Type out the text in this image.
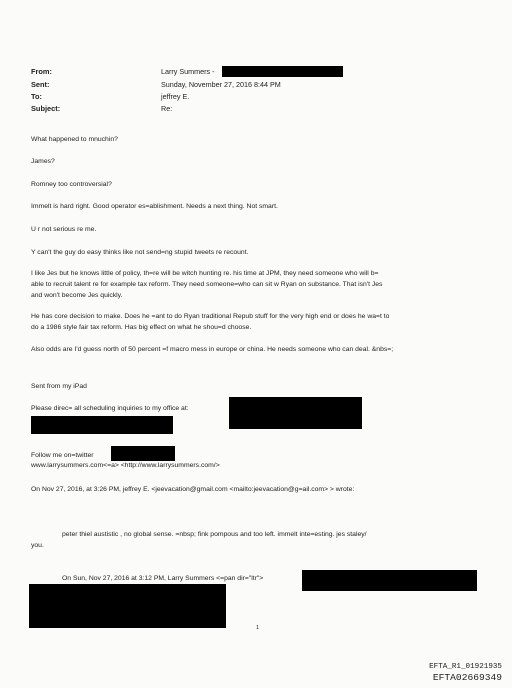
From:	Larry Summers -
Sent:	Sunday, November 27, 2016 8:44 PM
To:	jeffrey E.
Subject:	Re:
What happened to mnuchin?
James?
Romney too controversial?
Immelt is hard right. Good operator es=ablishment. Needs a next thing. Not smart.
U r not serious re me.
Y can't the guy do easy thinks like not send=ng stupid tweets re recount.
I like Jes but he knows little of policy, th=re will be witch hunting re. his time at JPM, they need someone who will b=
able to recruit talent re for example tax reform. They need someone=who can sit w Ryan on substance. That isn't Jes
and won't become Jes quickly.
He has core decision to make. Does he =ant to do Ryan traditional Repub stuff for the very high end or does he wa=t to
do a 1986 style fair tax reform. Has big effect on what he shou=d choose.
Also odds are I'd guess north of 50 percent =f macro mess in europe or china. He needs someone who can deal. &nbs=;
Sent from my iPad
Please direc= all scheduling inquiries to my office at:
Follow me on=twitter
www.larrysummers.com<=a> <http://www.larrysummers.com/>
On Nov 27, 2016, at 3:26 PM, jeffrey E. <jeevacation@gmail.com <mailto:jeevacation@g=ail.com> > wrote:
peter thiel austistic , no global sense. =nbsp; fink pompous and too left. immelt inte=esting. jes staley/
you.
On Sun, Nov 27, 2016 at 3:12 PM, Larry Summers <=pan dir="ltr">
1
EFTA_R1_01921935
EFTA02669349
